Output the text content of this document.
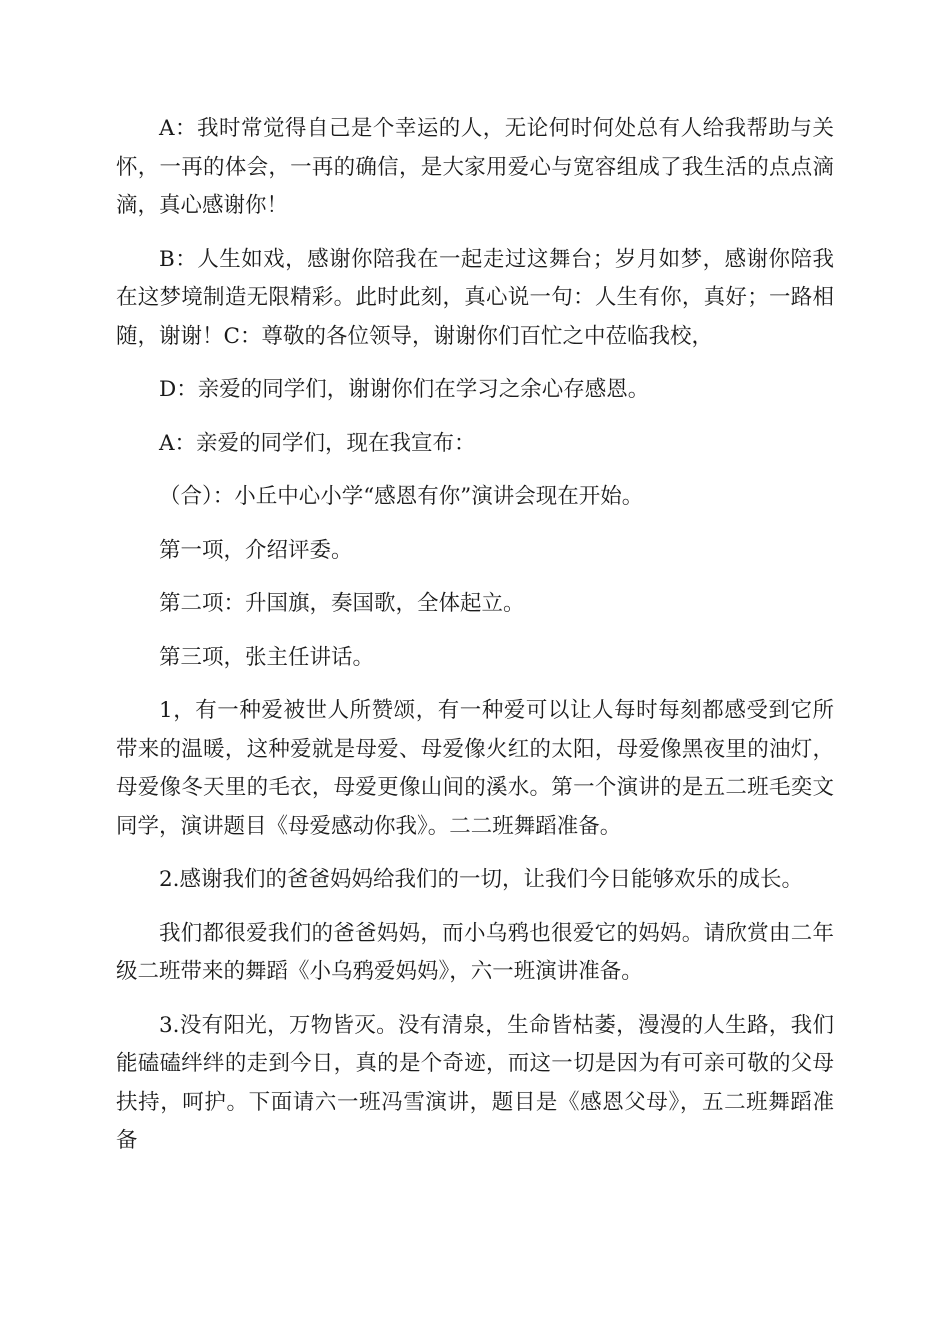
A：我时常觉得自己是个幸运的人，无论何时何处总有人给我帮助与关怀，一再的体会，一再的确信，是大家用爱心与宽容组成了我生活的点点滴滴，真心感谢你！

B：人生如戏，感谢你陪我在一起走过这舞台；岁月如梦，感谢你陪我在这梦境制造无限精彩。此时此刻，真心说一句：人生有你，真好；一路相随，谢谢！C：尊敬的各位领导，谢谢你们百忙之中莅临我校，

D：亲爱的同学们，谢谢你们在学习之余心存感恩。

A：亲爱的同学们，现在我宣布：

（合）：小丘中心小学“感恩有你”演讲会现在开始。

第一项，介绍评委。

第二项：升国旗，奏国歌，全体起立。

第三项，张主任讲话。

1，有一种爱被世人所赞颂，有一种爱可以让人每时每刻都感受到它所带来的温暖，这种爱就是母爱、母爱像火红的太阳，母爱像黑夜里的油灯，母爱像冬天里的毛衣，母爱更像山间的溪水。第一个演讲的是五二班毛奕文同学，演讲题目《母爱感动你我》。二二班舞蹈准备。

2.感谢我们的爸爸妈妈给我们的一切，让我们今日能够欢乐的成长。

我们都很爱我们的爸爸妈妈，而小乌鸦也很爱它的妈妈。请欣赏由二年级二班带来的舞蹈《小乌鸦爱妈妈》，六一班演讲准备。

3.没有阳光，万物皆灭。没有清泉，生命皆枯萎，漫漫的人生路，我们能磕磕绊绊的走到今日，真的是个奇迹，而这一切是因为有可亲可敬的父母扶持，呵护。下面请六一班冯雪演讲，题目是《感恩父母》，五二班舞蹈准备
